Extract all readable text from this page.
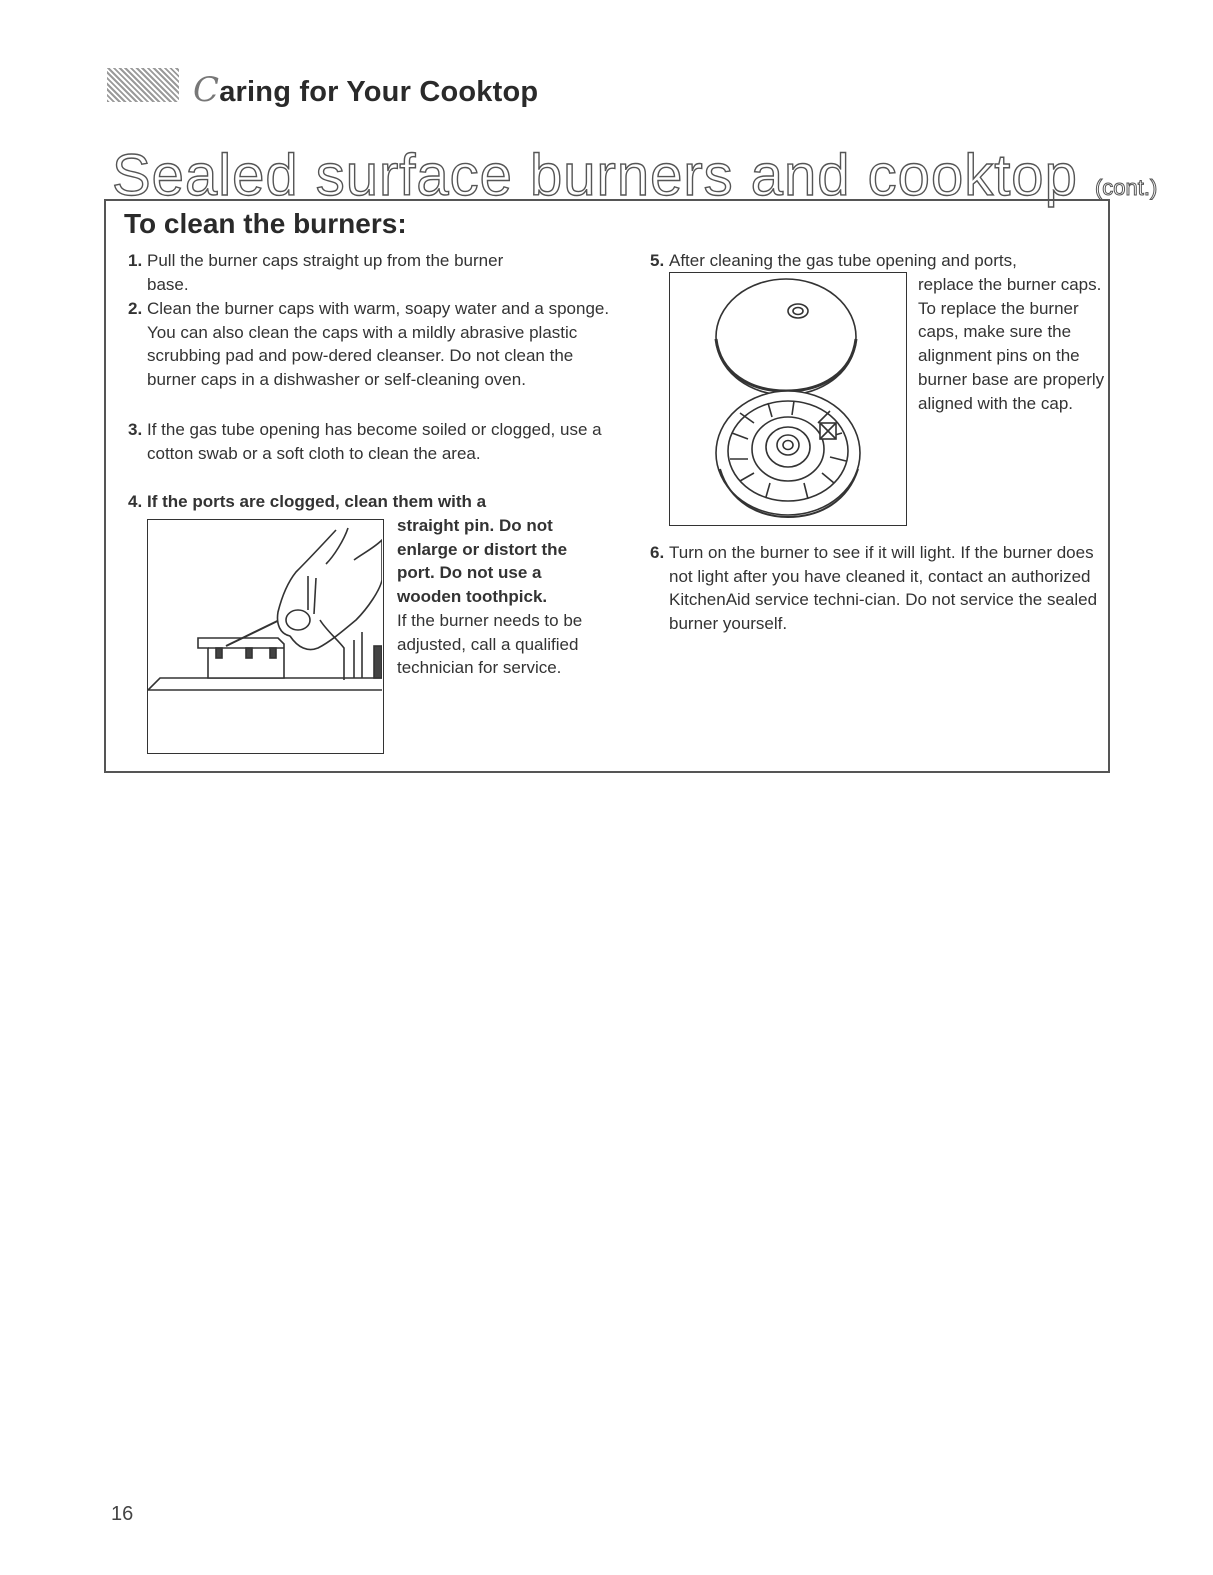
Caring for Your Cooktop
Sealed surface burners and cooktop (cont.)
To clean the burners:
1. Pull the burner caps straight up from the burner base.
2. Clean the burner caps with warm, soapy water and a sponge. You can also clean the caps with a mildly abrasive plastic scrubbing pad and pow-dered cleanser. Do not clean the burner caps in a dishwasher or self-cleaning oven.
3. If the gas tube opening has become soiled or clogged, use a cotton swab or a soft cloth to clean the area.
4. If the ports are clogged, clean them with a
straight pin. Do not enlarge or distort the port. Do not use a wooden toothpick.
If the burner needs to be adjusted, call a qualified technician for service.
5. After cleaning the gas tube opening and ports,
replace the burner caps. To replace the burner caps, make sure the alignment pins on the burner base are properly aligned with the cap.
6. Turn on the burner to see if it will light. If the burner does not light after you have cleaned it, contact an authorized KitchenAid service techni-cian. Do not service the sealed burner yourself.
16
